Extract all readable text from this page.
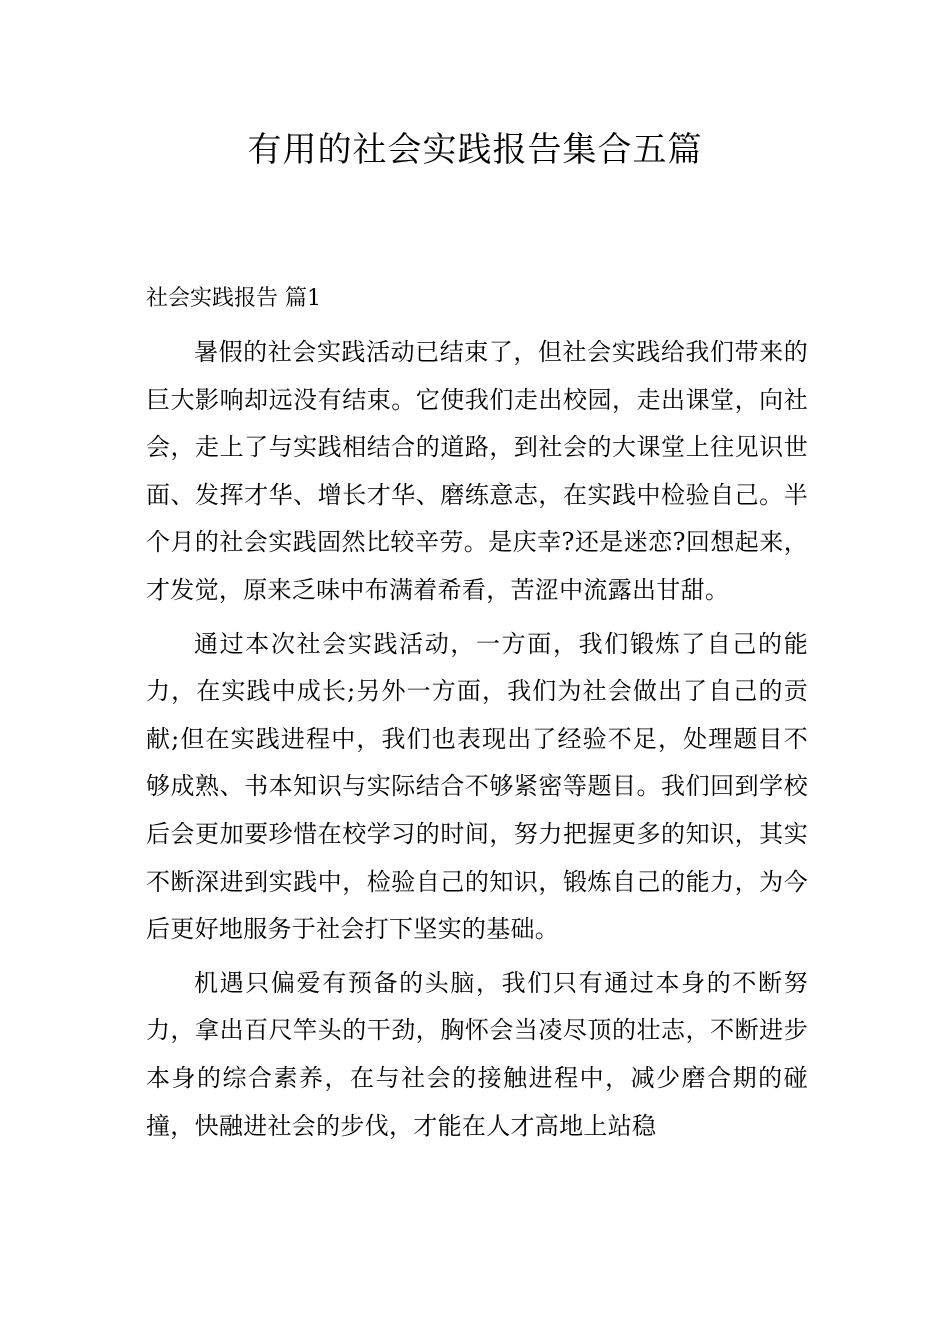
有用的社会实践报告集合五篇
社会实践报告 篇1

暑假的社会实践活动已结束了，但社会实践给我们带来的巨大影响却远没有结束。它使我们走出校园，走出课堂，向社会，走上了与实践相结合的道路，到社会的大课堂上往见识世面、发挥才华、增长才华、磨练意志，在实践中检验自己。半个月的社会实践固然比较辛劳。是庆幸?还是迷恋?回想起来，才发觉，原来乏味中布满着希看，苦涩中流露出甘甜。

通过本次社会实践活动，一方面，我们锻炼了自己的能力，在实践中成长;另外一方面，我们为社会做出了自己的贡献;但在实践进程中，我们也表现出了经验不足，处理题目不够成熟、书本知识与实际结合不够紧密等题目。我们回到学校后会更加要珍惜在校学习的时间，努力把握更多的知识，其实不断深进到实践中，检验自己的知识，锻炼自己的能力，为今后更好地服务于社会打下坚实的基础。

机遇只偏爱有预备的头脑，我们只有通过本身的不断努力，拿出百尺竿头的干劲，胸怀会当凌尽顶的壮志，不断进步本身的综合素养，在与社会的接触进程中，减少磨合期的碰撞，快融进社会的步伐，才能在人才高地上站稳
